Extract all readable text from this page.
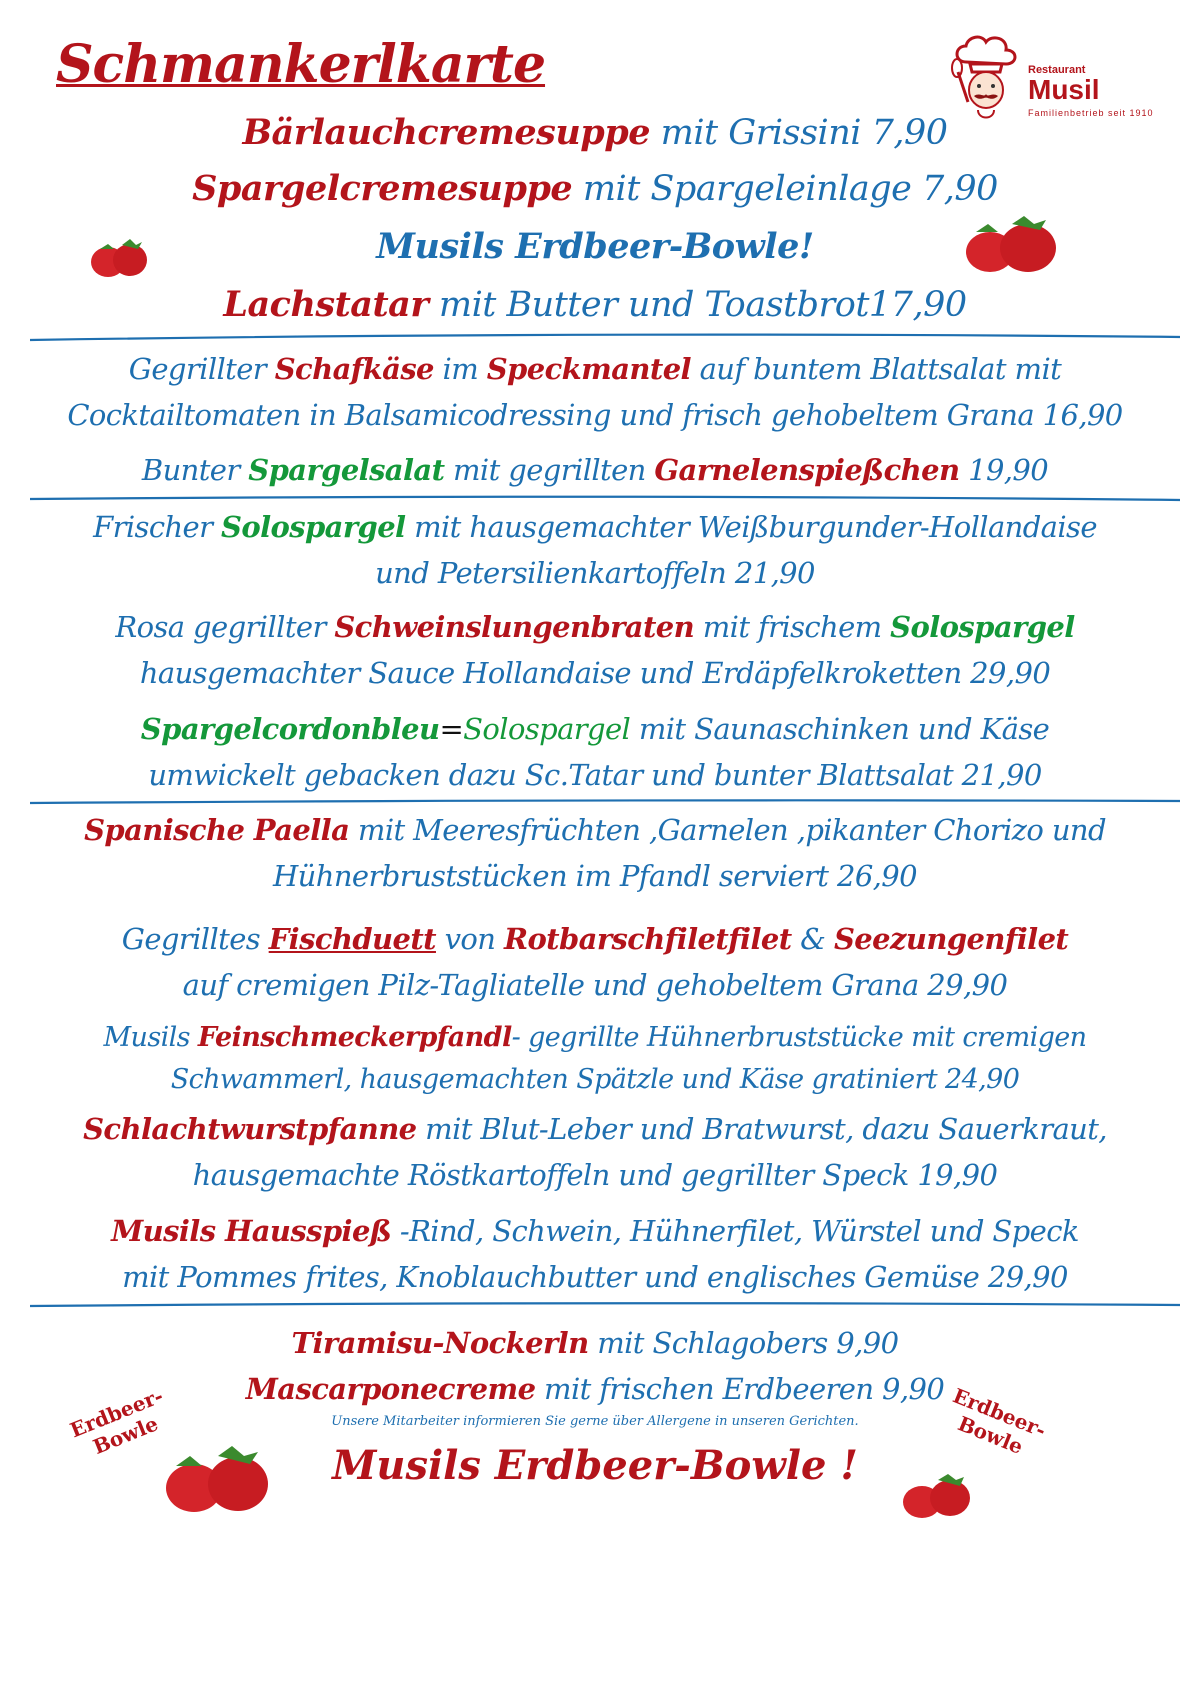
Schmankerlkarte	Restaurant
Musil
Familienbetrieb seit 1910
Erdbeer-
Bowle	Erdbeer-
Bowle
Bärlauchcremesuppe mit Grissini 7,90
Spargelcremesuppe mit Spargeleinlage 7,90
Musils Erdbeer-Bowle!
Lachstatar mit Butter und Toastbrot17,90
Gegrillter Schafkäse im Speckmantel auf buntem Blattsalat mit
Cocktailtomaten in Balsamicodressing und frisch gehobeltem Grana 16,90
Bunter Spargelsalat mit gegrillten Garnelenspießchen 19,90
Frischer Solospargel mit hausgemachter Weißburgunder-Hollandaise
und Petersilienkartoffeln 21,90
Rosa gegrillter Schweinslungenbraten mit frischem Solospargel
hausgemachter Sauce Hollandaise und Erdäpfelkroketten 29,90
Spargelcordonbleu=Solospargel mit Saunaschinken und Käse
umwickelt gebacken dazu Sc.Tatar und bunter Blattsalat 21,90
Spanische Paella mit Meeresfrüchten ,Garnelen ,pikanter Chorizo und
Hühnerbruststücken im Pfandl serviert 26,90
Gegrilltes Fischduett von Rotbarschfiletfilet & Seezungenfilet
auf cremigen Pilz-Tagliatelle und gehobeltem Grana 29,90
Musils Feinschmeckerpfandl- gegrillte Hühnerbruststücke mit cremigen
Schwammerl, hausgemachten Spätzle und Käse gratiniert 24,90
Schlachtwurstpfanne mit Blut-Leber und Bratwurst, dazu Sauerkraut,
hausgemachte Röstkartoffeln und gegrillter Speck 19,90
Musils Hausspieß -Rind, Schwein, Hühnerfilet, Würstel und Speck
mit Pommes frites, Knoblauchbutter und englisches Gemüse 29,90
Tiramisu-Nockerln mit Schlagobers 9,90
Mascarponecreme mit frischen Erdbeeren 9,90
Unsere Mitarbeiter informieren Sie gerne über Allergene in unseren Gerichten.
Musils Erdbeer-Bowle !
